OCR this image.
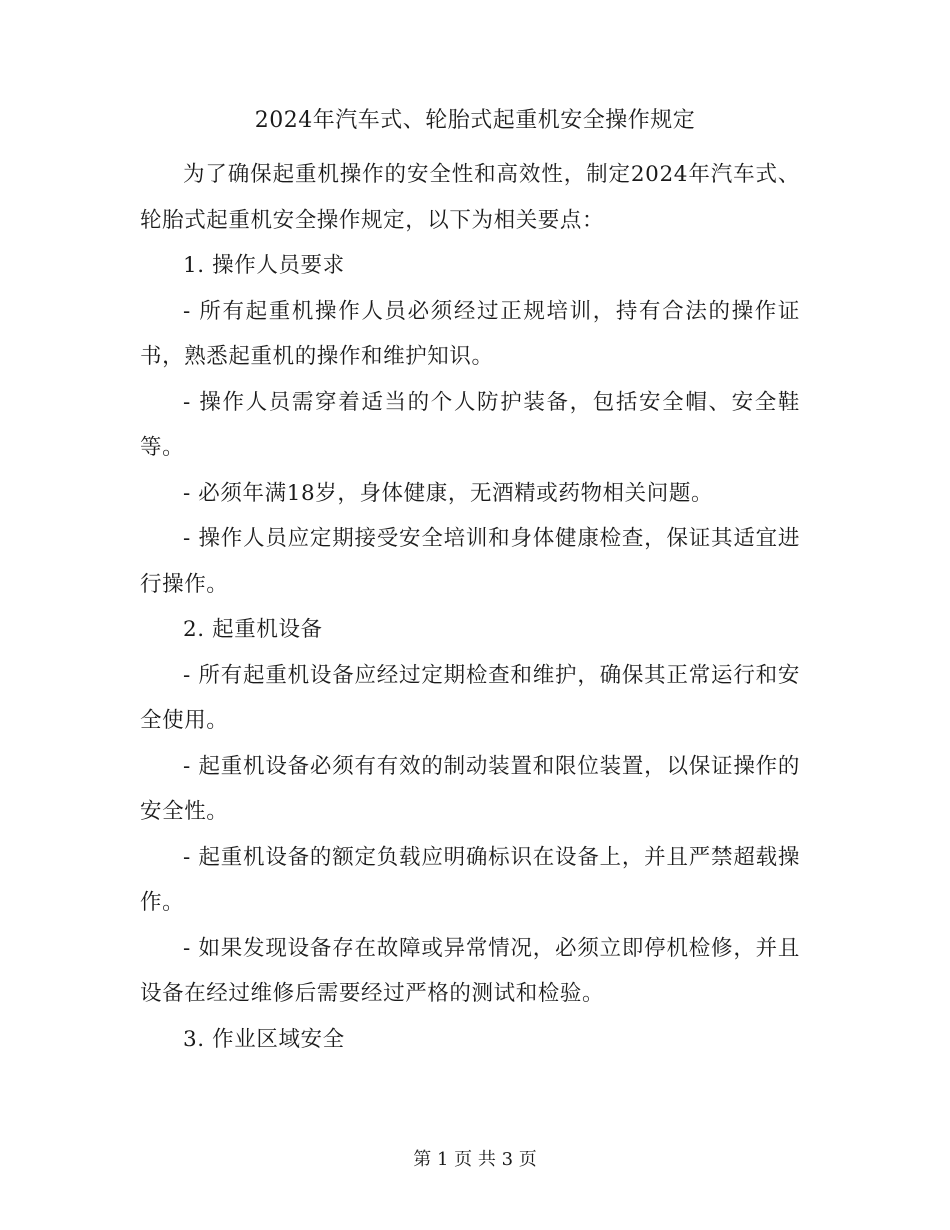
2024年汽车式、轮胎式起重机安全操作规定

为了确保起重机操作的安全性和高效性，制定2024年汽车式、轮胎式起重机安全操作规定，以下为相关要点：

1. 操作人员要求

- 所有起重机操作人员必须经过正规培训，持有合法的操作证书，熟悉起重机的操作和维护知识。

- 操作人员需穿着适当的个人防护装备，包括安全帽、安全鞋等。

- 必须年满18岁，身体健康，无酒精或药物相关问题。

- 操作人员应定期接受安全培训和身体健康检查，保证其适宜进行操作。

2. 起重机设备

- 所有起重机设备应经过定期检查和维护，确保其正常运行和安全使用。

- 起重机设备必须有有效的制动装置和限位装置，以保证操作的安全性。

- 起重机设备的额定负载应明确标识在设备上，并且严禁超载操作。

- 如果发现设备存在故障或异常情况，必须立即停机检修，并且设备在经过维修后需要经过严格的测试和检验。

3. 作业区域安全

第 1 页 共 3 页
